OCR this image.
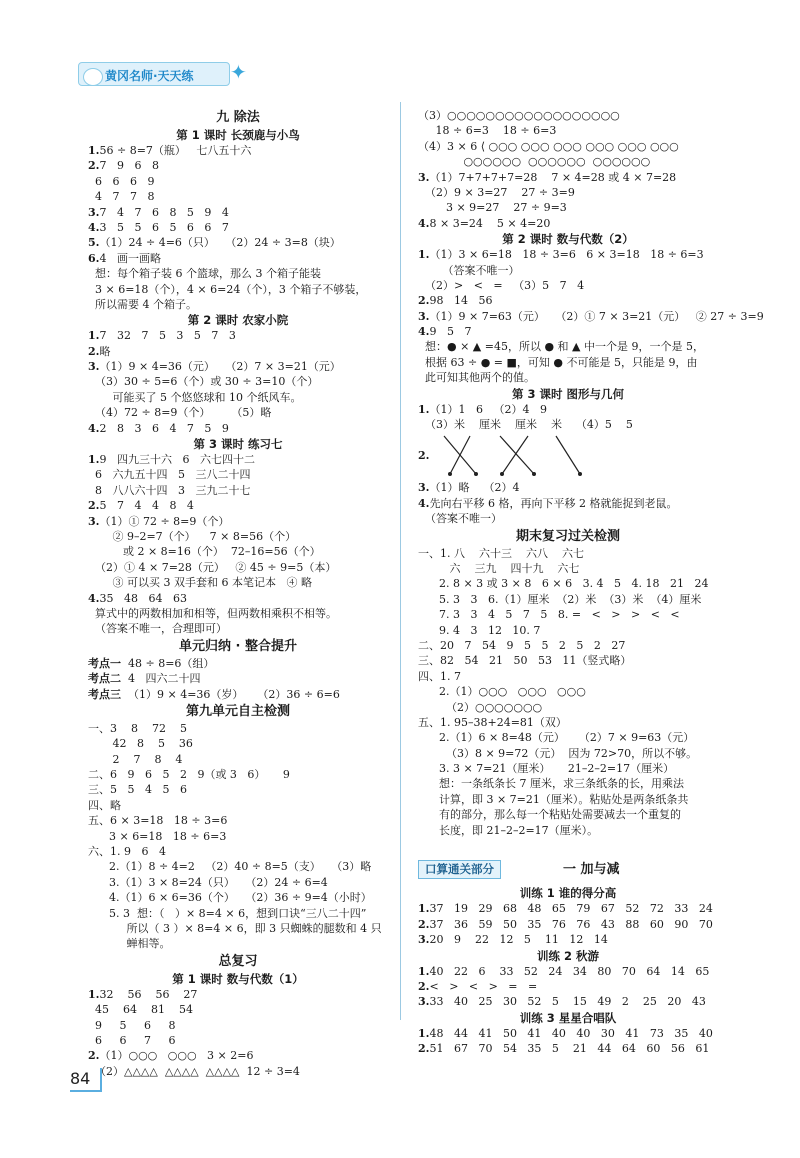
黄冈名师·天天练 ✦
九 除法
第 1 课时 长颈鹿与小鸟
1.56 ÷ 8=7（瓶）   七八五十六
2.7   9   6   8
6   6   6   9
4   7   7   8
3.7   4   7   6   8   5   9   4
4.3   5   5   6   5   6   6   7
5.（1）24 ÷ 4=6（只）   （2）24 ÷ 3=8（块）
6.4   画一画略
想：每个箱子装 6 个篮球，那么 3 个箱子能装
3 × 6=18（个），4 × 6=24（个），3 个箱子不够装，
所以需要 4 个箱子。
第 2 课时 农家小院
1.7   32   7   5   3   5   7   3
2.略
3.（1）9 × 4=36（元）   （2）7 × 3=21（元）
（3）30 ÷ 5=6（个）或 30 ÷ 3=10（个）
可能买了 5 个悠悠球和 10 个纸风车。
（4）72 ÷ 8=9（个）      （5）略
4.2   8   3   6   4   7   5   9
第 3 课时 练习七
1.9   四九三十六   6   六七四十二
6   六九五十四   5   三八二十四
8   八八六十四   3   三九二十七
2.5   7   4   4   8   4
3.（1）① 72 ÷ 8=9（个）
② 9–2=7（个）    7 × 8=56（个）
或 2 × 8=16（个）  72–16=56（个）
（2）① 4 × 7=28（元）   ② 45 ÷ 9=5（本）
③ 可以买 3 双手套和 6 本笔记本   ④ 略
4.35   48   64   63
算式中的两数相加和相等，但两数相乘积不相等。
（答案不唯一，合理即可）
单元归纳 · 整合提升
考点一  48 ÷ 8=6（组）
考点二  4   四六二十四
考点三  （1）9 × 4=36（岁）    （2）36 ÷ 6=6
第九单元自主检测
一、3    8    72    5
42   8    5    36
2    7    8    4
二、6   9   6   5   2   9（或 3   6）     9
三、5   5   4   5   6
四、略
五、6 × 3=18   18 ÷ 3=6
3 × 6=18   18 ÷ 6=3
六、1. 9   6   4
2.（1）8 ÷ 4=2   （2）40 ÷ 8=5（支）   （3）略
3.（1）3 × 8=24（只）   （2）24 ÷ 6=4
4.（1）6 × 6=36（个）   （2）36 ÷ 9=4（小时）
5. 3  想：（   ）× 8=4 × 6，想到口诀“三八二十四”
所以（ 3 ）× 8=4 × 6，即 3 只蜘蛛的腿数和 4 只
蝉相等。
总复习
第 1 课时 数与代数（1）
1.32    56    56    27
45    64    81    54
9     5     6     8
6     6     7     6
2.（1）○○○   ○○○   3 × 2=6
（2）△△△△  △△△△  △△△△  12 ÷ 3=4
（3）○○○○○○○○○○○○○○○○○○
18 ÷ 6=3    18 ÷ 6=3
（4）3 × 6 ⟨ ○○○ ○○○ ○○○ ○○○ ○○○ ○○○
○○○○○○  ○○○○○○  ○○○○○○
3.（1）7+7+7+7=28    7 × 4=28 或 4 × 7=28
（2）9 × 3=27    27 ÷ 3=9
3 × 9=27    27 ÷ 9=3
4.8 × 3=24    5 × 4=20
第 2 课时 数与代数（2）
1.（1）3 × 6=18   18 ÷ 3=6   6 × 3=18   18 ÷ 6=3
（答案不唯一）
（2）>   <   =   （3）5   7   4
2.98   14   56
3.（1）9 × 7=63（元）   （2）① 7 × 3=21（元）   ② 27 ÷ 3=9
4.9   5   7
想：● × ▲ =45，所以 ● 和 ▲ 中一个是 9，一个是 5，
根据 63 ÷ ● = ■，可知 ● 不可能是 5，只能是 9，由
此可知其他两个的值。
第 3 课时 图形与几何
1.（1）1   6   （2）4   9
（3）米    厘米    厘米    米    （4）5    5
2.
3.（1）略    （2）4
4.先向右平移 6 格，再向下平移 2 格就能捉到老鼠。
（答案不唯一）
期末复习过关检测
一、1. 八    六十三    六八    六七
六    三九    四十九    六七
2. 8 × 3 或 3 × 8   6 × 6   3. 4   5   4. 18   21   24
5. 3   3   6.（1）厘米  （2）米  （3）米  （4）厘米
7. 3   3   4   5   7   5   8. =   <   >   >   <   <
9. 4   3   12   10. 7
二、20   7   54   9   5   5   2   5   2   27
三、82   54   21   50   53   11（竖式略）
四、1. 7
2.（1）○○○   ○○○   ○○○
（2）○○○○○○○
五、1. 95–38+24=81（双）
2.（1）6 × 8=48（元）    （2）7 × 9=63（元）
（3）8 × 9=72（元）  因为 72>70，所以不够。
3. 3 × 7=21（厘米）     21–2–2=17（厘米）
想：一条纸条长 7 厘米，求三条纸条的长，用乘法
计算，即 3 × 7=21（厘米）。粘贴处是两条纸条共
有的部分，那么每一个粘贴处需要减去一个重复的
长度，即 21–2–2=17（厘米）。
口算通关部分	一 加与减
训练 1 谁的得分高
1.37   19   29   68   48   65   79   67   52   72   33   24
2.37   36   59   50   35   76   76   43   88   60   90   70
3.20   9    22   12   5    11   12   14
训练 2 秋游
1.40   22   6    33   52   24   34   80   70   64   14   65
2.<   >   <   >   =   =
3.33   40   25   30   52   5    15   49   2    25   20   43
训练 3 星星合唱队
1.48   44   41   50   41   40   40   30   41   73   35   40
2.51   67   70   54   35   5    21   44   64   60   56   61
84
